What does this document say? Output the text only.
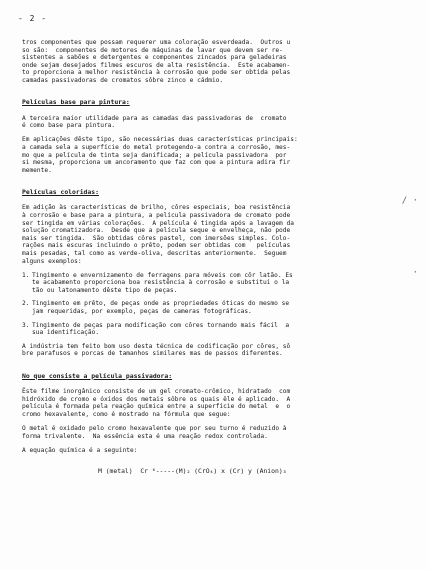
- 2 -
/ ·
·

tros componentes que possam requerer uma coloração esverdeada.  Outros u
so são:  componentes de motores de máquinas de lavar que devem ser re-
sistentes a sabões e detergentes e componentes zincados para geladeiras
onde sejam desejados filmes escuros de alta resistência.  Este acabamen-
to proporciona a melhor resistência à corrosão que pode ser obtida pelas
camadas passivadoras de cromatos sôbre zinco e cádmio.

Películas base para pintura:

A terceira maior utilidade para as camadas das passivadoras de  cromato
é como base para pintura.

Em aplicações dêste tipo, são necessárias duas características principais:
a camada sela a superfície do metal protegendo-a contra a corrosão, mes-
mo que a película de tinta seja danificada; a película passivadora  por
si mesma, proporciona um ancoramento que faz com que a pintura adira fir
memente.

Películas coloridas:

Em adição às características de brilho, côres especiais, boa resistência
à corrosão e base para a pintura, a película passivadora de cromato pode
ser tingida em várias colorações.  A película é tingida após a lavagem da
solução cromatizadora.  Desde que a película seque e envelheça, não pode
mais ser tingida.  São obtidas côres pastel, com imersões simples. Colo-
rações mais escuras incluindo o prêto, podem ser obtidas com   películas
mais pesadas, tal como as verde-oliva, descritas anteriormente.  Seguem
alguns exemplos:

1. Tingimento e envernizamento de ferragens para móveis com côr latão. Es
te acabamento proporciona boa resistência à corrosão e substitui o la
tão ou latonamento dêste tipo de peças.
2. Tingimento em prêto, de peças onde as propriedades óticas do mesmo se
jam requeridas, por exemplo, peças de cameras fotográficas.
3. Tingimento de peças para modificação com côres tornando mais fácil  a
sua identificação.

A indústria tem feito bom uso desta técnica de codificação por côres, sô
bre parafusos e porcas de tamanhos similares mas de passos diferentes.

No que consiste a película passivadora:

Êste filme inorgânico consiste de um gel cromato-crômico, hidratado  com
hidróxido de cromo e óxidos dos metais sôbre os quais êle é aplicado.  A
película é formada pela reação química entre a superfície do metal  e  o
cromo hexavalente, como é mostrado na fórmula que segue:

O metal é oxidado pelo cromo hexavalente que por seu turno é reduzido à
forma trivalente.  Na essência esta é uma reação redox controlada.

A equação química é a seguinte:

M (metal)  Cr ⁶-----(M)₂ (CrO₄) x (Cr) y (Anion)₃
